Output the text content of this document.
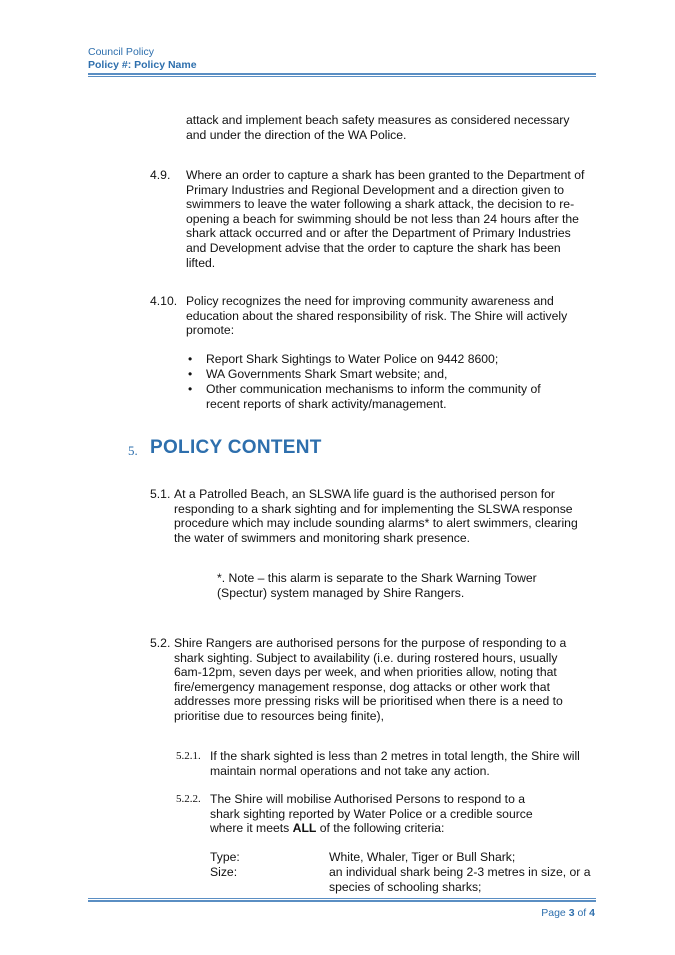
Council Policy
Policy #: Policy Name
attack and implement beach safety measures as considered necessary and under the direction of the WA Police.
4.9. Where an order to capture a shark has been granted to the Department of Primary Industries and Regional Development and a direction given to swimmers to leave the water following a shark attack, the decision to re-opening a beach for swimming should be not less than 24 hours after the shark attack occurred and or after the Department of Primary Industries and Development advise that the order to capture the shark has been lifted.
4.10. Policy recognizes the need for improving community awareness and education about the shared responsibility of risk. The Shire will actively promote:
• Report Shark Sightings to Water Police on 9442 8600;
• WA Governments Shark Smart website; and,
• Other communication mechanisms to inform the community of recent reports of shark activity/management.
5. POLICY CONTENT
5.1. At a Patrolled Beach, an SLSWA life guard is the authorised person for responding to a shark sighting and for implementing the SLSWA response procedure which may include sounding alarms* to alert swimmers, clearing the water of swimmers and monitoring shark presence.
*. Note – this alarm is separate to the Shark Warning Tower (Spectur) system managed by Shire Rangers.
5.2. Shire Rangers are authorised persons for the purpose of responding to a shark sighting. Subject to availability (i.e. during rostered hours, usually 6am-12pm, seven days per week, and when priorities allow, noting that fire/emergency management response, dog attacks or other work that addresses more pressing risks will be prioritised when there is a need to prioritise due to resources being finite),
5.2.1. If the shark sighted is less than 2 metres in total length, the Shire will maintain normal operations and not take any action.
5.2.2. The Shire will mobilise Authorised Persons to respond to a shark sighting reported by Water Police or a credible source where it meets ALL of the following criteria:
Type:	White, Whaler, Tiger or Bull Shark;
Size:	an individual shark being 2-3 metres in size, or a species of schooling sharks;
Page 3 of 4
